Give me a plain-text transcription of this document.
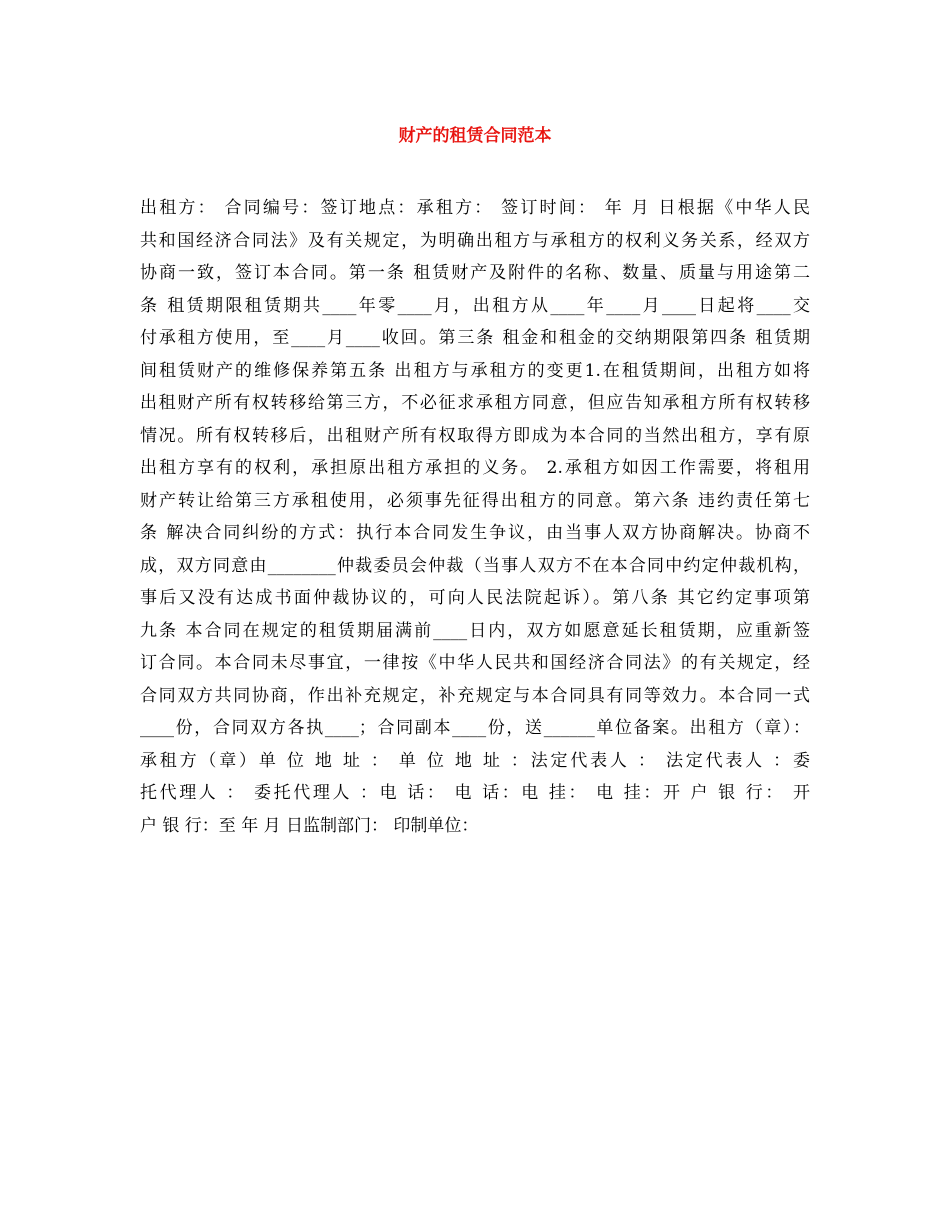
财产的租赁合同范本
出租方： 合同编号：签订地点：承租方： 签订时间： 年 月 日根据《中华人民
共和国经济合同法》及有关规定，为明确出租方与承租方的权利义务关系，经双方
协商一致，签订本合同。第一条 租赁财产及附件的名称、数量、质量与用途第二
条 租赁期限租赁期共____年零____月，出租方从____年____月____日起将____交
付承租方使用，至____月____收回。第三条 租金和租金的交纳期限第四条 租赁期
间租赁财产的维修保养第五条 出租方与承租方的变更1.在租赁期间，出租方如将
出租财产所有权转移给第三方，不必征求承租方同意，但应告知承租方所有权转移
情况。所有权转移后，出租财产所有权取得方即成为本合同的当然出租方，享有原
出租方享有的权利，承担原出租方承担的义务。 2.承租方如因工作需要，将租用
财产转让给第三方承租使用，必须事先征得出租方的同意。第六条 违约责任第七
条 解决合同纠纷的方式：执行本合同发生争议，由当事人双方协商解决。协商不
成，双方同意由________仲裁委员会仲裁（当事人双方不在本合同中约定仲裁机构，
事后又没有达成书面仲裁协议的，可向人民法院起诉）。第八条 其它约定事项第
九条 本合同在规定的租赁期届满前____日内，双方如愿意延长租赁期，应重新签
订合同。本合同未尽事宜，一律按《中华人民共和国经济合同法》的有关规定，经
合同双方共同协商，作出补充规定，补充规定与本合同具有同等效力。本合同一式
____份，合同双方各执____；合同副本____份，送______单位备案。出租方（章）：
承租方（章）单 位 地 址 ： 单 位 地 址 ：法定代表人 ： 法定代表人 ：委
托代理人 ： 委托代理人 ：电 话： 电 话：电 挂： 电 挂：开 户 银 行： 开
户 银 行：至 年 月 日监制部门： 印制单位：
